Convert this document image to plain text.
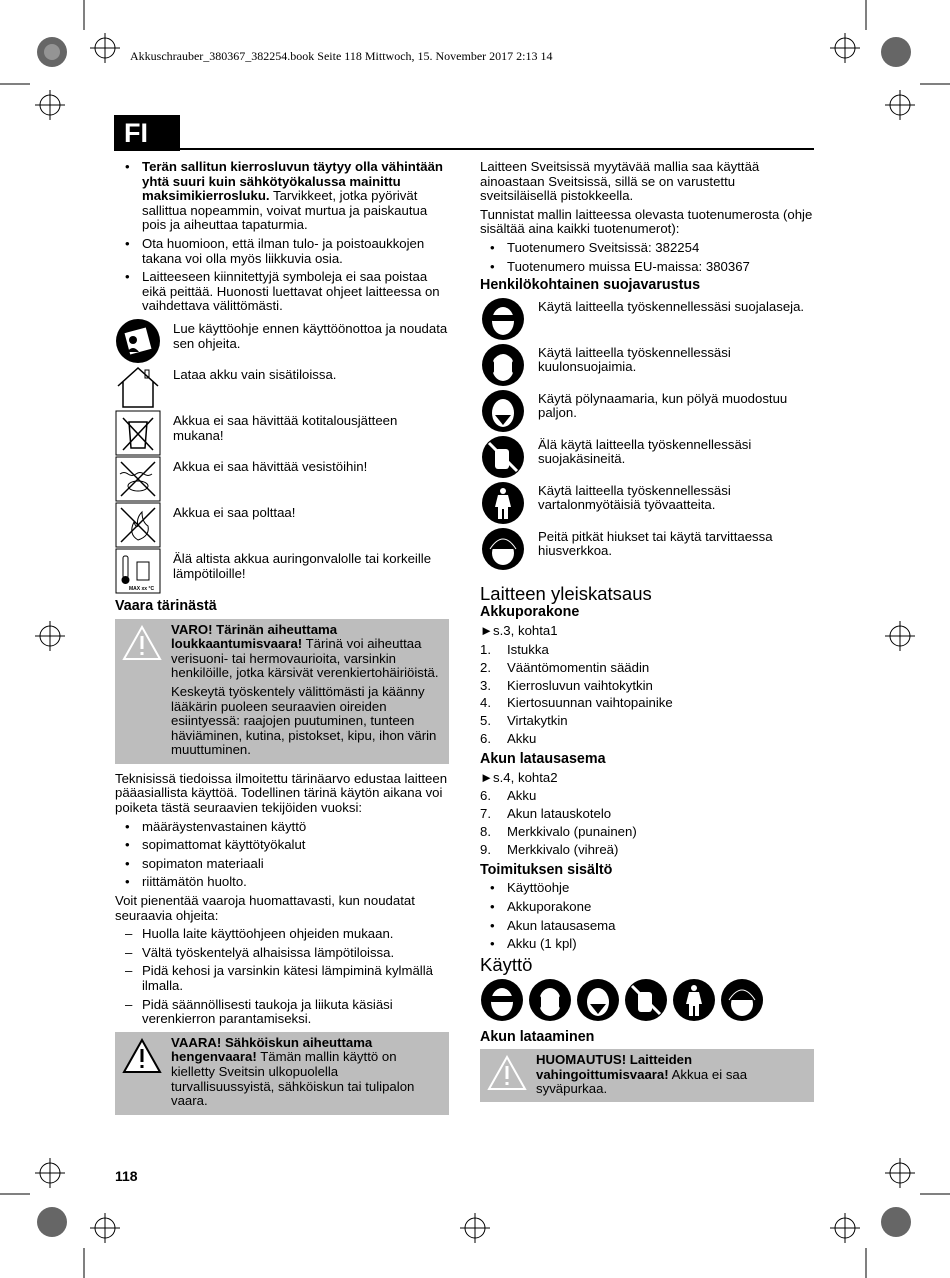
Akkuschrauber_380367_382254.book Seite 118 Mittwoch, 15. November 2017 2:13 14
FI
• Terän sallitun kierrosluvun täytyy olla vähintään yhtä suuri kuin sähkötyökalussa mainittu maksimikierrosluku. Tarvikkeet, jotka pyörivät sallittua nopeammin, voivat murtua ja paiskautua pois ja aiheuttaa tapaturmia.
• Ota huomioon, että ilman tulo- ja poistoaukkojen takana voi olla myös liikkuvia osia.
• Laitteeseen kiinnitettyjä symboleja ei saa poistaa eikä peittää. Huonosti luettavat ohjeet laitteessa on vaihdettava välittömästi.
Lue käyttöohje ennen käyttöönottoa ja noudata sen ohjeita.
Lataa akku vain sisätiloissa.
Akkua ei saa hävittää kotitalousjätteen mukana!
Akkua ei saa hävittää vesistöihin!
Akkua ei saa polttaa!
MAX xx °C
Älä altista akkua auringonvalolle tai korkeille lämpötiloille!
Vaara tärinästä

VARO! Tärinän aiheuttama loukkaantumisvaara! Tärinä voi aiheuttaa verisuoni- tai hermovaurioita, varsinkin henkilöille, jotka kärsivät verenkiertohäiriöistä.

Keskeytä työskentely välittömästi ja käänny lääkärin puoleen seuraavien oireiden esiintyessä: raajojen puutuminen, tunteen häviäminen, kutina, pistokset, kipu, ihon värin muuttuminen.

Teknisissä tiedoissa ilmoitettu tärinäarvo edustaa laitteen pääasiallista käyttöä. Todellinen tärinä käytön aikana voi poiketa tästä seuraavien tekijöiden vuoksi:

• määräystenvastainen käyttö
• sopimattomat käyttötyökalut
• sopimaton materiaali
• riittämätön huolto.

Voit pienentää vaaroja huomattavasti, kun noudatat seuraavia ohjeita:

– Huolla laite käyttöohjeen ohjeiden mukaan.
– Vältä työskentelyä alhaisissa lämpötiloissa.
– Pidä kehosi ja varsinkin kätesi lämpiminä kylmällä ilmalla.
– Pidä säännöllisesti taukoja ja liikuta käsiäsi verenkierron parantamiseksi.

VAARA! Sähköiskun aiheuttama hengenvaara! Tämän mallin käyttö on kielletty Sveitsin ulkopuolella turvallisuussyistä, sähköiskun tai tulipalon vaara.

Laitteen Sveitsissä myytävää mallia saa käyttää ainoastaan Sveitsissä, sillä se on varustettu sveitsiläisellä pistokkeella.

Tunnistat mallin laitteessa olevasta tuotenumerosta (ohje sisältää aina kaikki tuotenumerot):

• Tuotenumero Sveitsissä: 382254
• Tuotenumero muissa EU-maissa: 380367
Henkilökohtainen suojavarustus
Käytä laitteella työskennellessäsi suojalaseja.
Käytä laitteella työskennellessäsi kuulonsuojaimia.
Käytä pölynaamaria, kun pölyä muodostuu paljon.
Älä käytä laitteella työskennellessäsi suojakäsineitä.
Käytä laitteella työskennellessäsi vartalonmyötäisiä työvaatteita.
Peitä pitkät hiukset tai käytä tarvittaessa hiusverkkoa.
Laitteen yleiskatsaus
Akkuporakone

►s.3, kohta1

1. Istukka
2. Vääntömomentin säädin
3. Kierrosluvun vaihtokytkin
4. Kiertosuunnan vaihtopainike
5. Virtakytkin
6. Akku
Akun latausasema

►s.4, kohta2

6. Akku
7. Akun latauskotelo
8. Merkkivalo (punainen)
9. Merkkivalo (vihreä)
Toimituksen sisältö
• Käyttöohje
• Akkuporakone
• Akun latausasema
• Akku (1 kpl)
Käyttö
Akun lataaminen

HUOMAUTUS! Laitteiden vahingoittumisvaara! Akkua ei saa syväpurkaa.

118
